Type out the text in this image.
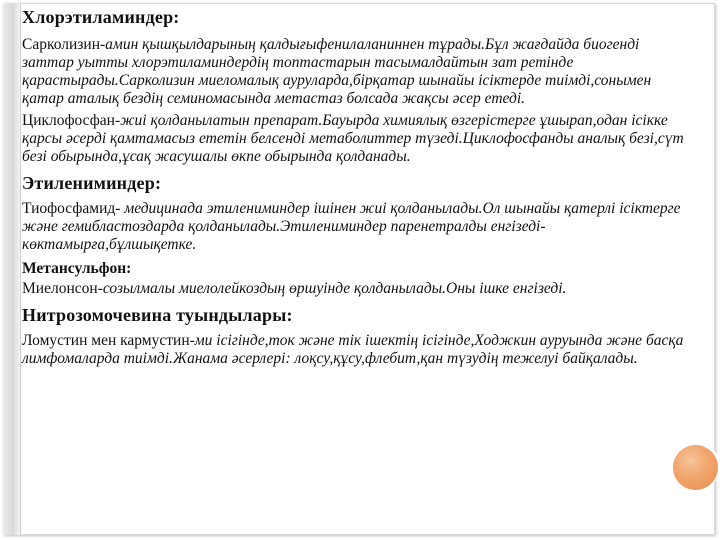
Хлорэтиламиндер:

Сарколизин-амин қышқылдарының қалдығыфенилаланиннен тұрады.Бұл жағдайда биогенді заттар уытты хлорэтиламиндердің топтастарын тасымалдайтын зат ретінде қарастырады.Сарколизин миеломалық ауруларда,бірқатар шынайы ісіктерде тиімді,сонымен қатар аталық бездің семиномасында метастаз болсада жақсы әсер етеді.

Циклофосфан-жиі қолданылатын препарат.Бауырда химиялық өзгерістерге ұшырап,одан ісікке қарсы әсерді қамтамасыз ететін белсенді метаболиттер түзеді.Циклофосфанды аналық безі,сүт безі обырында,ұсақ жасушалы өкпе обырында қолданады.

Этилениминдер:

Тиофосфамид- медицинада этилениминдер ішінен жиі қолданылады.Ол шынайы қатерлі ісіктерге және гемибластоздарда қолданылады.Этилениминдер паренетралды енгізеді-көктамырға,бұлшықетке.

Метансульфон:

Миелонсон-созылмалы миелолейкоздың өршуінде қолданылады.Оны ішке енгізеді.

Нитрозомочевина туындылары:

Ломустин мен кармустин-ми ісігінде,ток және тік ішектің ісігінде,Ходжкин ауруында және басқа лимфомаларда тиімді.Жанама әсерлері: лоқсу,құсу,флебит,қан түзудің тежелуі байқалады.
